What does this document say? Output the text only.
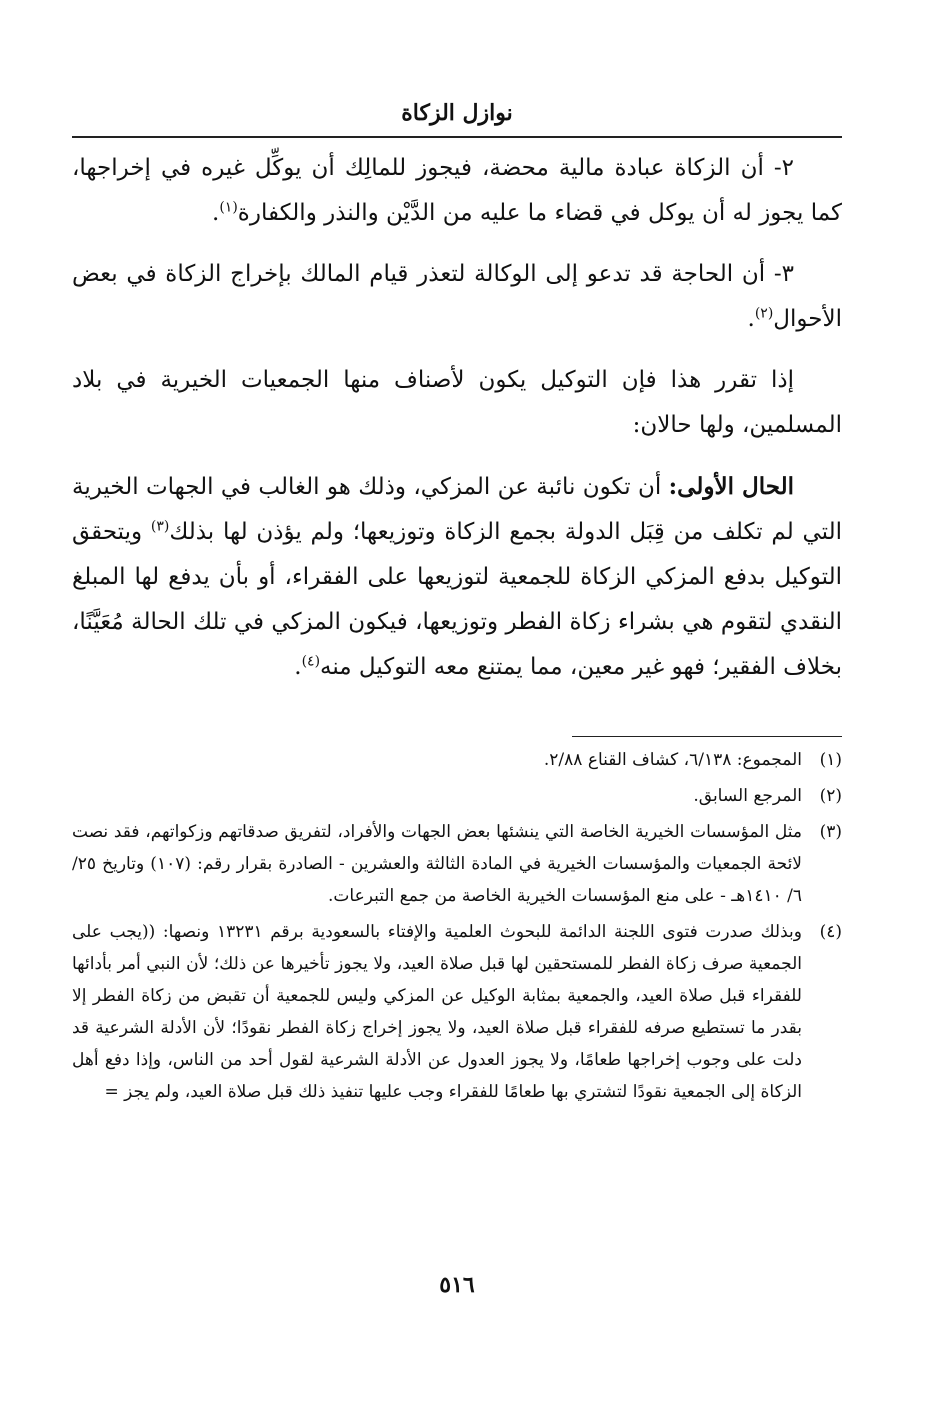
نوازل الزكاة

٢- أن الزكاة عبادة مالية محضة، فيجوز للمالِك أن يوكِّل غيره في إخراجها، كما يجوز له أن يوكل في قضاء ما عليه من الدَّيْن والنذر والكفارة$^{(١)}$.

٣- أن الحاجة قد تدعو إلى الوكالة لتعذر قيام المالك بإخراج الزكاة في بعض الأحوال$^{(٢)}$.

إذا تقرر هذا فإن التوكيل يكون لأصناف منها الجمعيات الخيرية في بلاد المسلمين، ولها حالان:

الحال الأولى: أن تكون نائبة عن المزكي، وذلك هو الغالب في الجهات الخيرية التي لم تكلف من قِبَل الدولة بجمع الزكاة وتوزيعها؛ ولم يؤذن لها بذلك$^{(٣)}$ ويتحقق التوكيل بدفع المزكي الزكاة للجمعية لتوزيعها على الفقراء، أو بأن يدفع لها المبلغ النقدي لتقوم هي بشراء زكاة الفطر وتوزيعها، فيكون المزكي في تلك الحالة مُعَيَّنًا، بخلاف الفقير؛ فهو غير معين، مما يمتنع معه التوكيل منه$^{(٤)}$.

(١)
المجموع: ٦/١٣٨، كشاف القناع ٢/٨٨.
(٢)
المرجع السابق.
(٣)
مثل المؤسسات الخيرية الخاصة التي ينشئها بعض الجهات والأفراد، لتفريق صدقاتهم وزكواتهم، فقد نصت لائحة الجمعيات والمؤسسات الخيرية في المادة الثالثة والعشرين - الصادرة بقرار رقم: (١٠٧) وتاريخ ٢٥/ ٦/ ١٤١٠هـ - على منع المؤسسات الخيرية الخاصة من جمع التبرعات.
(٤)
وبذلك صدرت فتوى اللجنة الدائمة للبحوث العلمية والإفتاء بالسعودية برقم ١٣٢٣١ ونصها: ((يجب على الجمعية صرف زكاة الفطر للمستحقين لها قبل صلاة العيد، ولا يجوز تأخيرها عن ذلك؛ لأن النبي أمر بأدائها للفقراء قبل صلاة العيد، والجمعية بمثابة الوكيل عن المزكي وليس للجمعية أن تقبض من زكاة الفطر إلا بقدر ما تستطيع صرفه للفقراء قبل صلاة العيد، ولا يجوز إخراج زكاة الفطر نقودًا؛ لأن الأدلة الشرعية قد دلت على وجوب إخراجها طعامًا، ولا يجوز العدول عن الأدلة الشرعية لقول أحد من الناس، وإذا دفع أهل الزكاة إلى الجمعية نقودًا لتشتري بها طعامًا للفقراء وجب عليها تنفيذ ذلك قبل صلاة العيد، ولم يجز =
٥١٦
